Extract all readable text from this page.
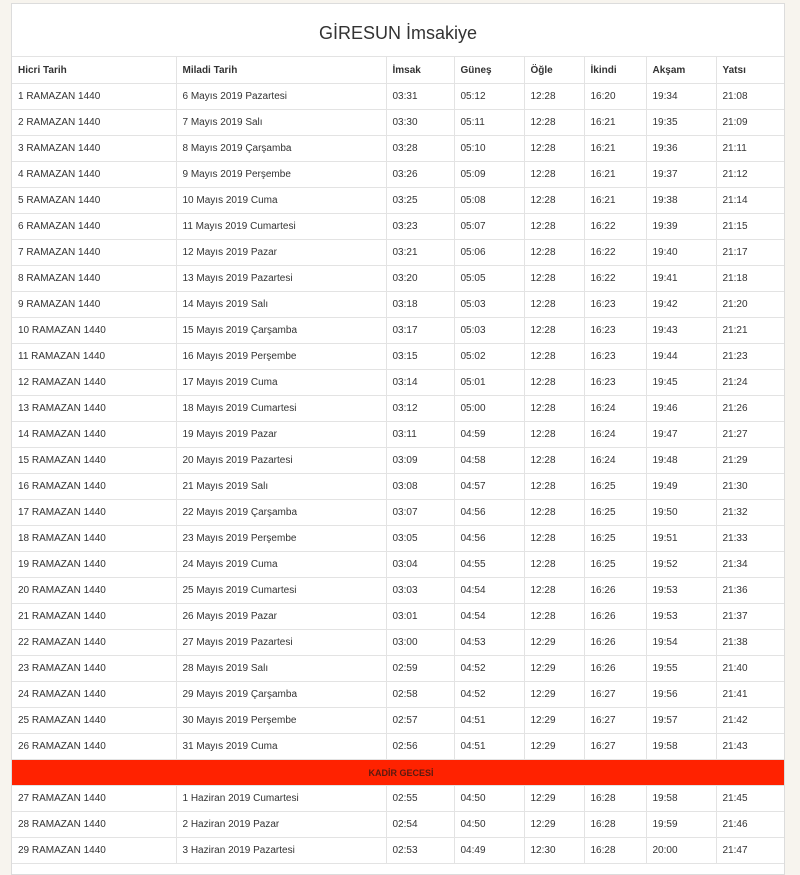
GİRESUN İmsakiye
Hicri Tarih	Miladi Tarih	İmsak	Güneş	Öğle	İkindi	Akşam	Yatsı
1 RAMAZAN 1440	6 Mayıs 2019 Pazartesi	03:31	05:12	12:28	16:20	19:34	21:08
2 RAMAZAN 1440	7 Mayıs 2019 Salı	03:30	05:11	12:28	16:21	19:35	21:09
3 RAMAZAN 1440	8 Mayıs 2019 Çarşamba	03:28	05:10	12:28	16:21	19:36	21:11
4 RAMAZAN 1440	9 Mayıs 2019 Perşembe	03:26	05:09	12:28	16:21	19:37	21:12
5 RAMAZAN 1440	10 Mayıs 2019 Cuma	03:25	05:08	12:28	16:21	19:38	21:14
6 RAMAZAN 1440	11 Mayıs 2019 Cumartesi	03:23	05:07	12:28	16:22	19:39	21:15
7 RAMAZAN 1440	12 Mayıs 2019 Pazar	03:21	05:06	12:28	16:22	19:40	21:17
8 RAMAZAN 1440	13 Mayıs 2019 Pazartesi	03:20	05:05	12:28	16:22	19:41	21:18
9 RAMAZAN 1440	14 Mayıs 2019 Salı	03:18	05:03	12:28	16:23	19:42	21:20
10 RAMAZAN 1440	15 Mayıs 2019 Çarşamba	03:17	05:03	12:28	16:23	19:43	21:21
11 RAMAZAN 1440	16 Mayıs 2019 Perşembe	03:15	05:02	12:28	16:23	19:44	21:23
12 RAMAZAN 1440	17 Mayıs 2019 Cuma	03:14	05:01	12:28	16:23	19:45	21:24
13 RAMAZAN 1440	18 Mayıs 2019 Cumartesi	03:12	05:00	12:28	16:24	19:46	21:26
14 RAMAZAN 1440	19 Mayıs 2019 Pazar	03:11	04:59	12:28	16:24	19:47	21:27
15 RAMAZAN 1440	20 Mayıs 2019 Pazartesi	03:09	04:58	12:28	16:24	19:48	21:29
16 RAMAZAN 1440	21 Mayıs 2019 Salı	03:08	04:57	12:28	16:25	19:49	21:30
17 RAMAZAN 1440	22 Mayıs 2019 Çarşamba	03:07	04:56	12:28	16:25	19:50	21:32
18 RAMAZAN 1440	23 Mayıs 2019 Perşembe	03:05	04:56	12:28	16:25	19:51	21:33
19 RAMAZAN 1440	24 Mayıs 2019 Cuma	03:04	04:55	12:28	16:25	19:52	21:34
20 RAMAZAN 1440	25 Mayıs 2019 Cumartesi	03:03	04:54	12:28	16:26	19:53	21:36
21 RAMAZAN 1440	26 Mayıs 2019 Pazar	03:01	04:54	12:28	16:26	19:53	21:37
22 RAMAZAN 1440	27 Mayıs 2019 Pazartesi	03:00	04:53	12:29	16:26	19:54	21:38
23 RAMAZAN 1440	28 Mayıs 2019 Salı	02:59	04:52	12:29	16:26	19:55	21:40
24 RAMAZAN 1440	29 Mayıs 2019 Çarşamba	02:58	04:52	12:29	16:27	19:56	21:41
25 RAMAZAN 1440	30 Mayıs 2019 Perşembe	02:57	04:51	12:29	16:27	19:57	21:42
26 RAMAZAN 1440	31 Mayıs 2019 Cuma	02:56	04:51	12:29	16:27	19:58	21:43
KADİR GECESİ							
27 RAMAZAN 1440	1 Haziran 2019 Cumartesi	02:55	04:50	12:29	16:28	19:58	21:45
28 RAMAZAN 1440	2 Haziran 2019 Pazar	02:54	04:50	12:29	16:28	19:59	21:46
29 RAMAZAN 1440	3 Haziran 2019 Pazartesi	02:53	04:49	12:30	16:28	20:00	21:47
